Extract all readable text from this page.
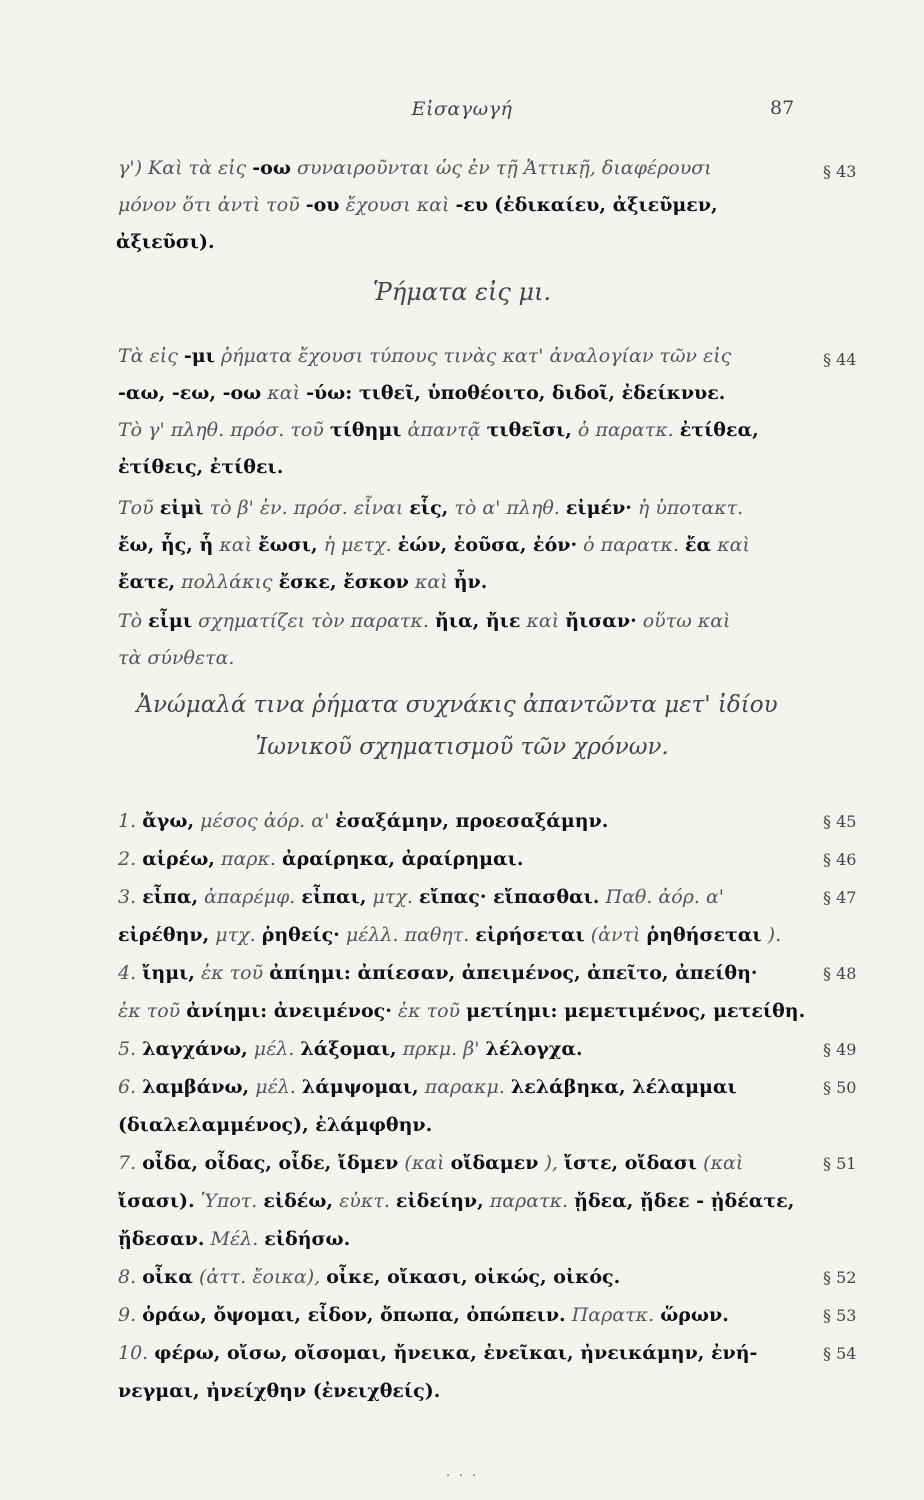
Εἰσαγωγή	87
γ') Καὶ τὰ εἰς -οω συναιροῦνται ὡς ἐν τῇ Ἀττικῇ, διαφέρουσι
μόνον ὅτι ἀντὶ τοῦ -ου ἔχουσι καὶ -ευ (ἐδικαίευ, ἀξιεῦμεν,
ἀξιεῦσι).
§ 43
Ῥήματα εἰς μι.
Τὰ εἰς -μι ῥήματα ἔχουσι τύπους τινὰς κατ' ἀναλογίαν τῶν εἰς
-αω, -εω, -οω καὶ -ύω: τιθεῖ, ὑποθέοιτο, διδοῖ, ἐδείκνυε.
Τὸ γ' πληθ. πρόσ. τοῦ τίθημι ἀπαντᾷ τιθεῖσι, ὁ παρατκ. ἐτίθεα,
ἐτίθεις, ἐτίθει.
Τοῦ εἰμὶ τὸ β' ἑν. πρόσ. εἶναι εἷς, τὸ α' πληθ. εἰμέν· ἡ ὑποτακτ.
ἔω, ἧς, ἧ καὶ ἔωσι, ἡ μετχ. ἐών, ἐοῦσα, ἐόν· ὁ παρατκ. ἔα καὶ
ἔατε, πολλάκις ἔσκε, ἔσκον καὶ ἦν.
Τὸ εἶμι σχηματίζει τὸν παρατκ. ἤια, ἤιε καὶ ἤισαν· οὕτω καὶ
τὰ σύνθετα.
§ 44
Ἀνώμαλά τινα ῥήματα συχνάκις ἀπαντῶντα μετ' ἰδίου
Ἰωνικοῦ σχηματισμοῦ τῶν χρόνων.
1. ἄγω, μέσος ἀόρ. α' ἐσαξάμην, προεσαξάμην.	§ 45
2. αἱρέω, παρκ. ἀραίρηκα, ἀραίρημαι.	§ 46
3. εἶπα, ἀπαρέμφ. εἶπαι, μτχ. εἴπας· εἴπασθαι. Παθ. ἀόρ. α'	§ 47
εἰρέθην, μτχ. ῥηθείς· μέλλ. παθητ. εἰρήσεται (ἀντὶ ῥηθήσεται ).
4. ἴημι, ἐκ τοῦ ἀπίημι: ἀπίεσαν, ἀπειμένος, ἀπεῖτο, ἀπείθη·	§ 48
ἐκ τοῦ ἀνίημι: ἀνειμένος· ἐκ τοῦ μετίημι: μεμετιμένος, μετείθη.
5. λαγχάνω, μέλ. λάξομαι, πρκμ. β' λέλογχα.	§ 49
6. λαμβάνω, μέλ. λάμψομαι, παρακμ. λελάβηκα, λέλαμμαι	§ 50
(διαλελαμμένος), ἐλάμφθην.
7. οἶδα, οἶδας, οἶδε, ἴδμεν (καὶ οἴδαμεν ), ἴστε, οἴδασι (καὶ	§ 51
ἴσασι). Ὑποτ. εἰδέω, εὐκτ. εἰδείην, παρατκ. ᾔδεα, ᾔδεε - ᾐδέατε,
ᾔδεσαν. Μέλ. εἰδήσω.
8. οἶκα (ἀττ. ἔοικα), οἶκε, οἴκασι, οἰκώς, οἰκός.	§ 52
9. ὁράω, ὄψομαι, εἶδον, ὄπωπα, ὀπώπειν. Παρατκ. ὥρων.	§ 53
10. φέρω, οἴσω, οἴσομαι, ἤνεικα, ἐνεῖκαι, ἠνεικάμην, ἐνή-	§ 54
νεγμαι, ἠνείχθην (ἐνειχθείς).
· · ·
